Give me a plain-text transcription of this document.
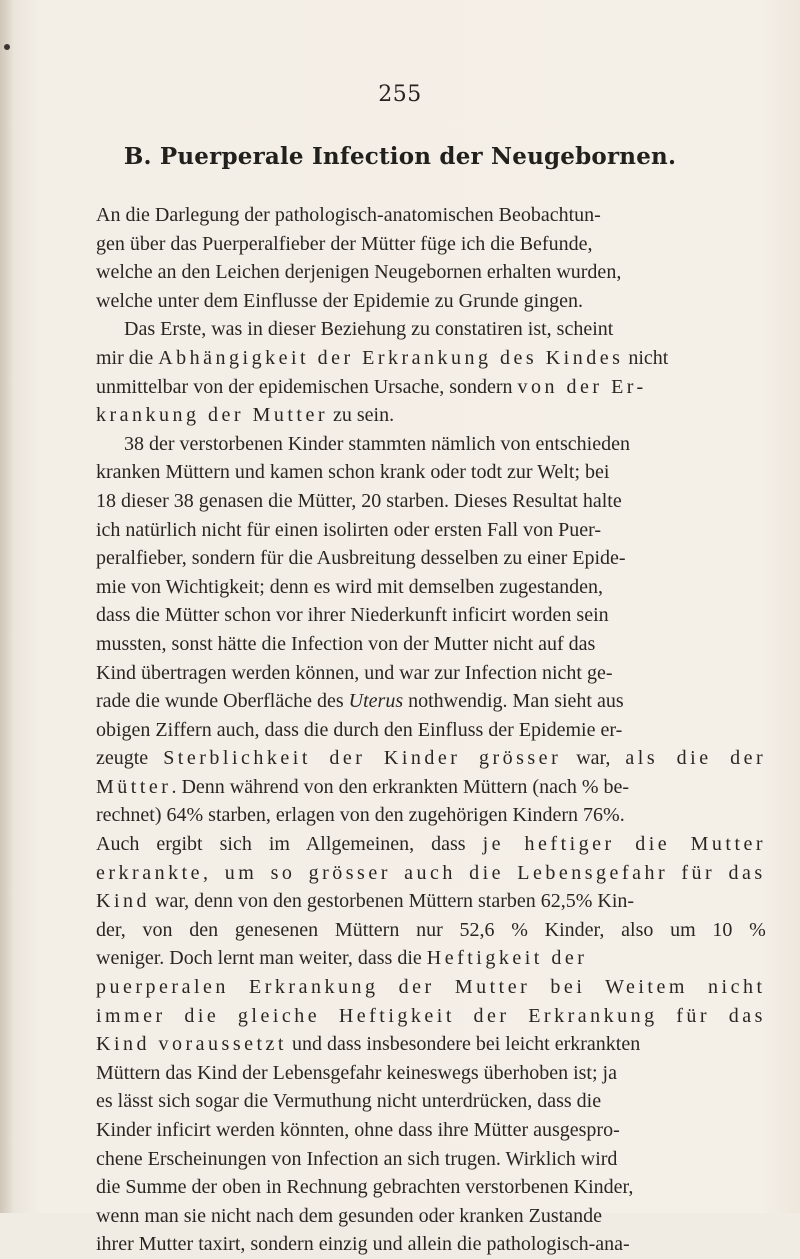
255
B. Puerperale Infection der Neugebornen.
An die Darlegung der pathologisch-anatomischen Beobachtun-
gen über das Puerperalfieber der Mütter füge ich die Befunde,
welche an den Leichen derjenigen Neugebornen erhalten wurden,
welche unter dem Einflusse der Epidemie zu Grunde gingen.
Das Erste, was in dieser Beziehung zu constatiren ist, scheint
mir die Abhängigkeit der Erkrankung des Kindes nicht
unmittelbar von der epidemischen Ursache, sondern von der Er-
krankung der Mutter zu sein.
38 der verstorbenen Kinder stammten nämlich von entschieden
kranken Müttern und kamen schon krank oder todt zur Welt; bei
18 dieser 38 genasen die Mütter, 20 starben. Dieses Resultat halte
ich natürlich nicht für einen isolirten oder ersten Fall von Puer-
peralfieber, sondern für die Ausbreitung desselben zu einer Epide-
mie von Wichtigkeit; denn es wird mit demselben zugestanden,
dass die Mütter schon vor ihrer Niederkunft inficirt worden sein
mussten, sonst hätte die Infection von der Mutter nicht auf das
Kind übertragen werden können, und war zur Infection nicht ge-
rade die wunde Oberfläche des Uterus nothwendig. Man sieht aus
obigen Ziffern auch, dass die durch den Einfluss der Epidemie er-
zeugte Sterblichkeit der Kinder grösser war, als die der
Mütter. Denn während von den erkrankten Müttern (nach % be-
rechnet) 64% starben, erlagen von den zugehörigen Kindern 76%.
Auch ergibt sich im Allgemeinen, dass je heftiger die Mutter
erkrankte, um so grösser auch die Lebensgefahr für das
Kind war, denn von den gestorbenen Müttern starben 62,5% Kin-
der, von den genesenen Müttern nur 52,6 % Kinder, also um 10 %
weniger. Doch lernt man weiter, dass die Heftigkeit der
puerperalen Erkrankung der Mutter bei Weitem nicht
immer die gleiche Heftigkeit der Erkrankung für das
Kind voraussetzt und dass insbesondere bei leicht erkrankten
Müttern das Kind der Lebensgefahr keineswegs überhoben ist; ja
es lässt sich sogar die Vermuthung nicht unterdrücken, dass die
Kinder inficirt werden könnten, ohne dass ihre Mütter ausgespro-
chene Erscheinungen von Infection an sich trugen. Wirklich wird
die Summe der oben in Rechnung gebrachten verstorbenen Kinder,
wenn man sie nicht nach dem gesunden oder kranken Zustande
ihrer Mutter taxirt, sondern einzig und allein die pathologisch-ana-
